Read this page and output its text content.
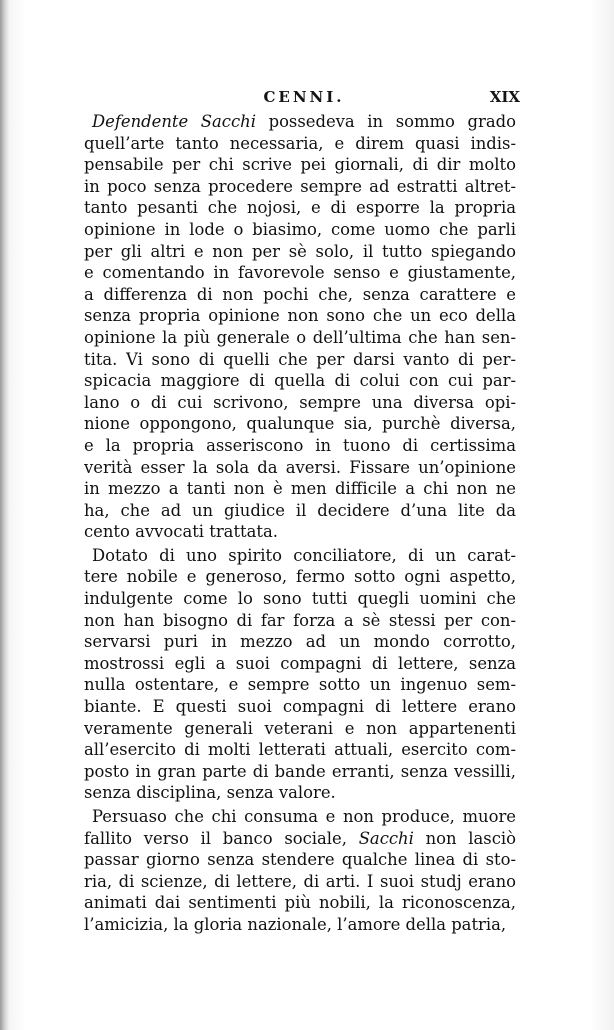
CENNI.	XIX
Defendente Sacchi possedeva in sommo grado
quell’arte tanto necessaria, e direm quasi indis-
pensabile per chi scrive pei giornali, di dir molto
in poco senza procedere sempre ad estratti altret-
tanto pesanti che nojosi, e di esporre la propria
opinione in lode o biasimo, come uomo che parli
per gli altri e non per sè solo, il tutto spiegando
e comentando in favorevole senso e giustamente,
a differenza di non pochi che, senza carattere e
senza propria opinione non sono che un eco della
opinione la più generale o dell’ultima che han sen-
tita. Vi sono di quelli che per darsi vanto di per-
spicacia maggiore di quella di colui con cui par-
lano o di cui scrivono, sempre una diversa opi-
nione oppongono, qualunque sia, purchè diversa,
e la propria asseriscono in tuono di certissima
verità esser la sola da aversi. Fissare un’opinione
in mezzo a tanti non è men difficile a chi non ne
ha, che ad un giudice il decidere d’una lite da
cento avvocati trattata.
Dotato di uno spirito conciliatore, di un carat-
tere nobile e generoso, fermo sotto ogni aspetto,
indulgente come lo sono tutti quegli uomini che
non han bisogno di far forza a sè stessi per con-
servarsi puri in mezzo ad un mondo corrotto,
mostrossi egli a suoi compagni di lettere, senza
nulla ostentare, e sempre sotto un ingenuo sem-
biante. E questi suoi compagni di lettere erano
veramente generali veterani e non appartenenti
all’esercito di molti letterati attuali, esercito com-
posto in gran parte di bande erranti, senza vessilli,
senza disciplina, senza valore.
Persuaso che chi consuma e non produce, muore
fallito verso il banco sociale, Sacchi non lasciò
passar giorno senza stendere qualche linea di sto-
ria, di scienze, di lettere, di arti. I suoi studj erano
animati dai sentimenti più nobili, la riconoscenza,
l’amicizia, la gloria nazionale, l’amore della patria,
